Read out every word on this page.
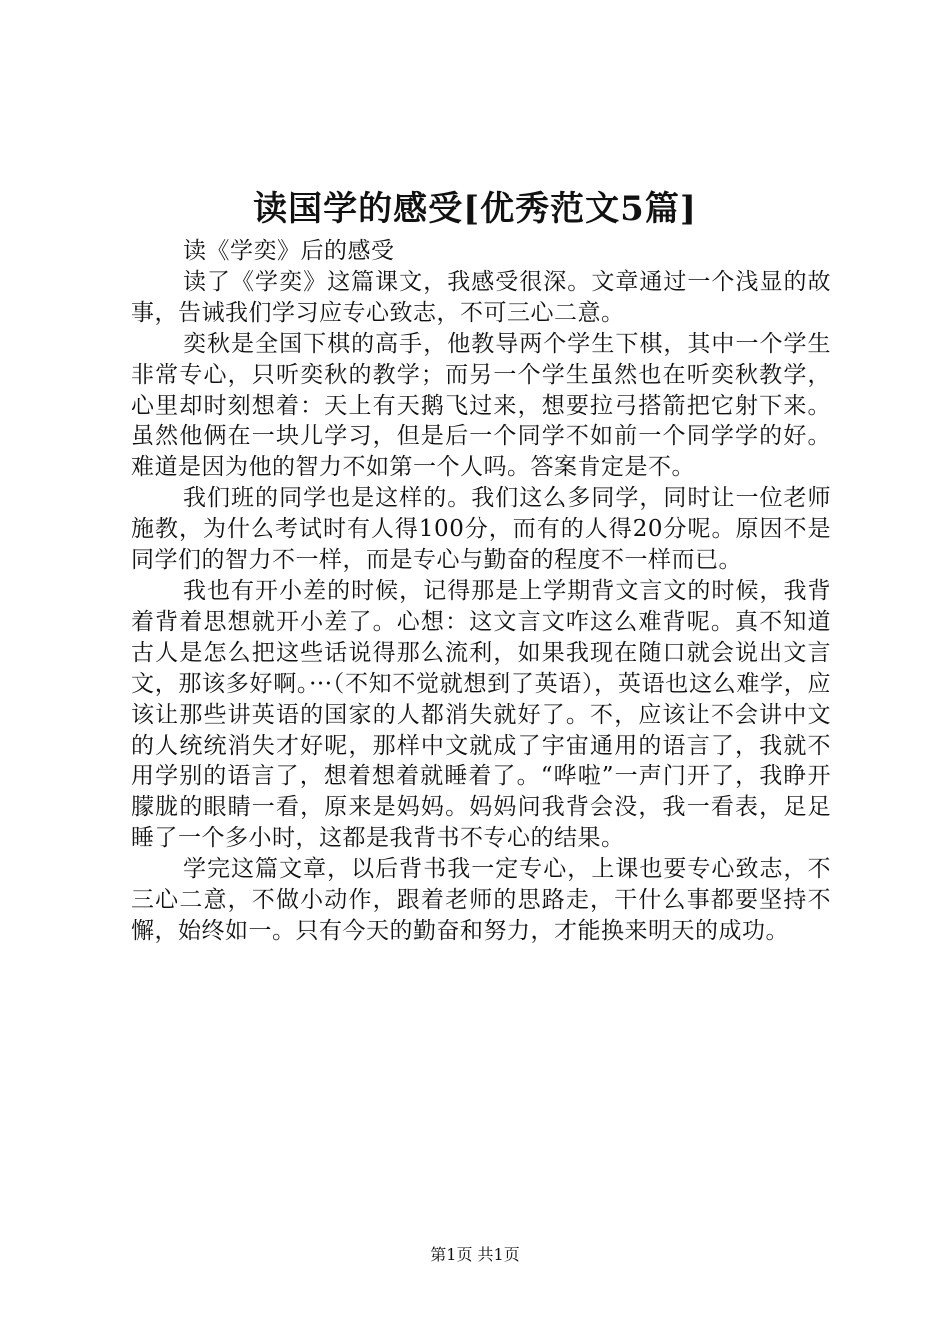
读国学的感受[优秀范文5篇]

读《学奕》后的感受

读了《学奕》这篇课文，我感受很深。文章通过一个浅显的故事，告诫我们学习应专心致志，不可三心二意。

奕秋是全国下棋的高手，他教导两个学生下棋，其中一个学生非常专心，只听奕秋的教学；而另一个学生虽然也在听奕秋教学，心里却时刻想着：天上有天鹅飞过来，想要拉弓搭箭把它射下来。虽然他俩在一块儿学习，但是后一个同学不如前一个同学学的好。难道是因为他的智力不如第一个人吗。答案肯定是不。

我们班的同学也是这样的。我们这么多同学，同时让一位老师施教，为什么考试时有人得100分，而有的人得20分呢。原因不是同学们的智力不一样，而是专心与勤奋的程度不一样而已。

我也有开小差的时候，记得那是上学期背文言文的时候，我背着背着思想就开小差了。心想：这文言文咋这么难背呢。真不知道古人是怎么把这些话说得那么流利，如果我现在随口就会说出文言文，那该多好啊。···（不知不觉就想到了英语），英语也这么难学，应该让那些讲英语的国家的人都消失就好了。不，应该让不会讲中文的人统统消失才好呢，那样中文就成了宇宙通用的语言了，我就不用学别的语言了，想着想着就睡着了。“哗啦”一声门开了，我睁开朦胧的眼睛一看，原来是妈妈。妈妈问我背会没，我一看表，足足睡了一个多小时，这都是我背书不专心的结果。

学完这篇文章，以后背书我一定专心，上课也要专心致志，不三心二意，不做小动作，跟着老师的思路走，干什么事都要坚持不懈，始终如一。只有今天的勤奋和努力，才能换来明天的成功。

第1页 共1页
